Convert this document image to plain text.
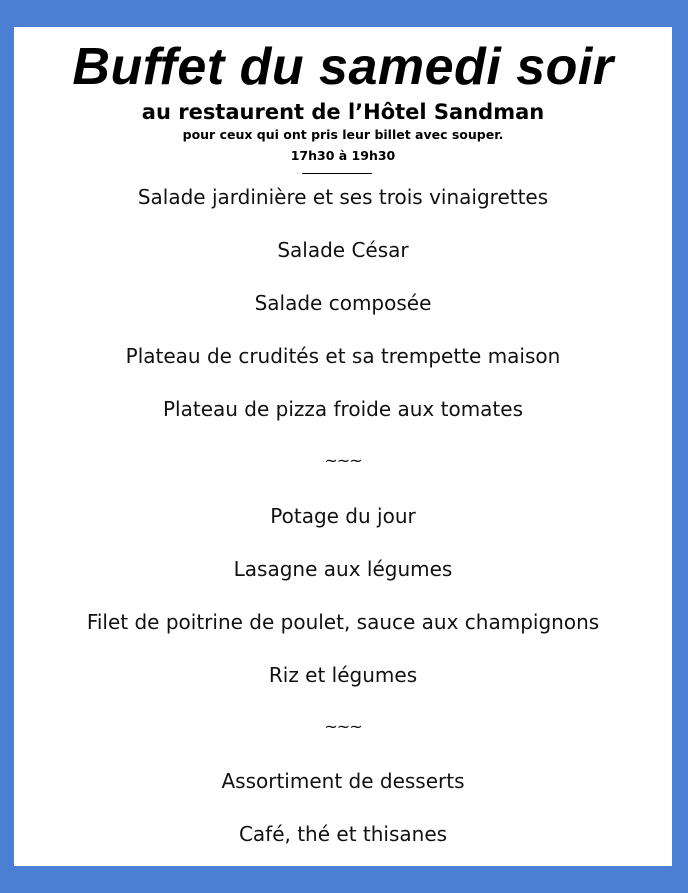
Buffet du samedi soir
au restaurent de l’Hôtel Sandman
pour ceux qui ont pris leur billet avec souper.
17h30 à 19h30
Salade jardinière et ses trois vinaigrettes
Salade César
Salade composée
Plateau de crudités et sa trempette maison
Plateau de pizza froide aux tomates
~~~
Potage du jour
Lasagne aux légumes
Filet de poitrine de poulet, sauce aux champignons
Riz et légumes
~~~
Assortiment de desserts
Café, thé et thisanes
